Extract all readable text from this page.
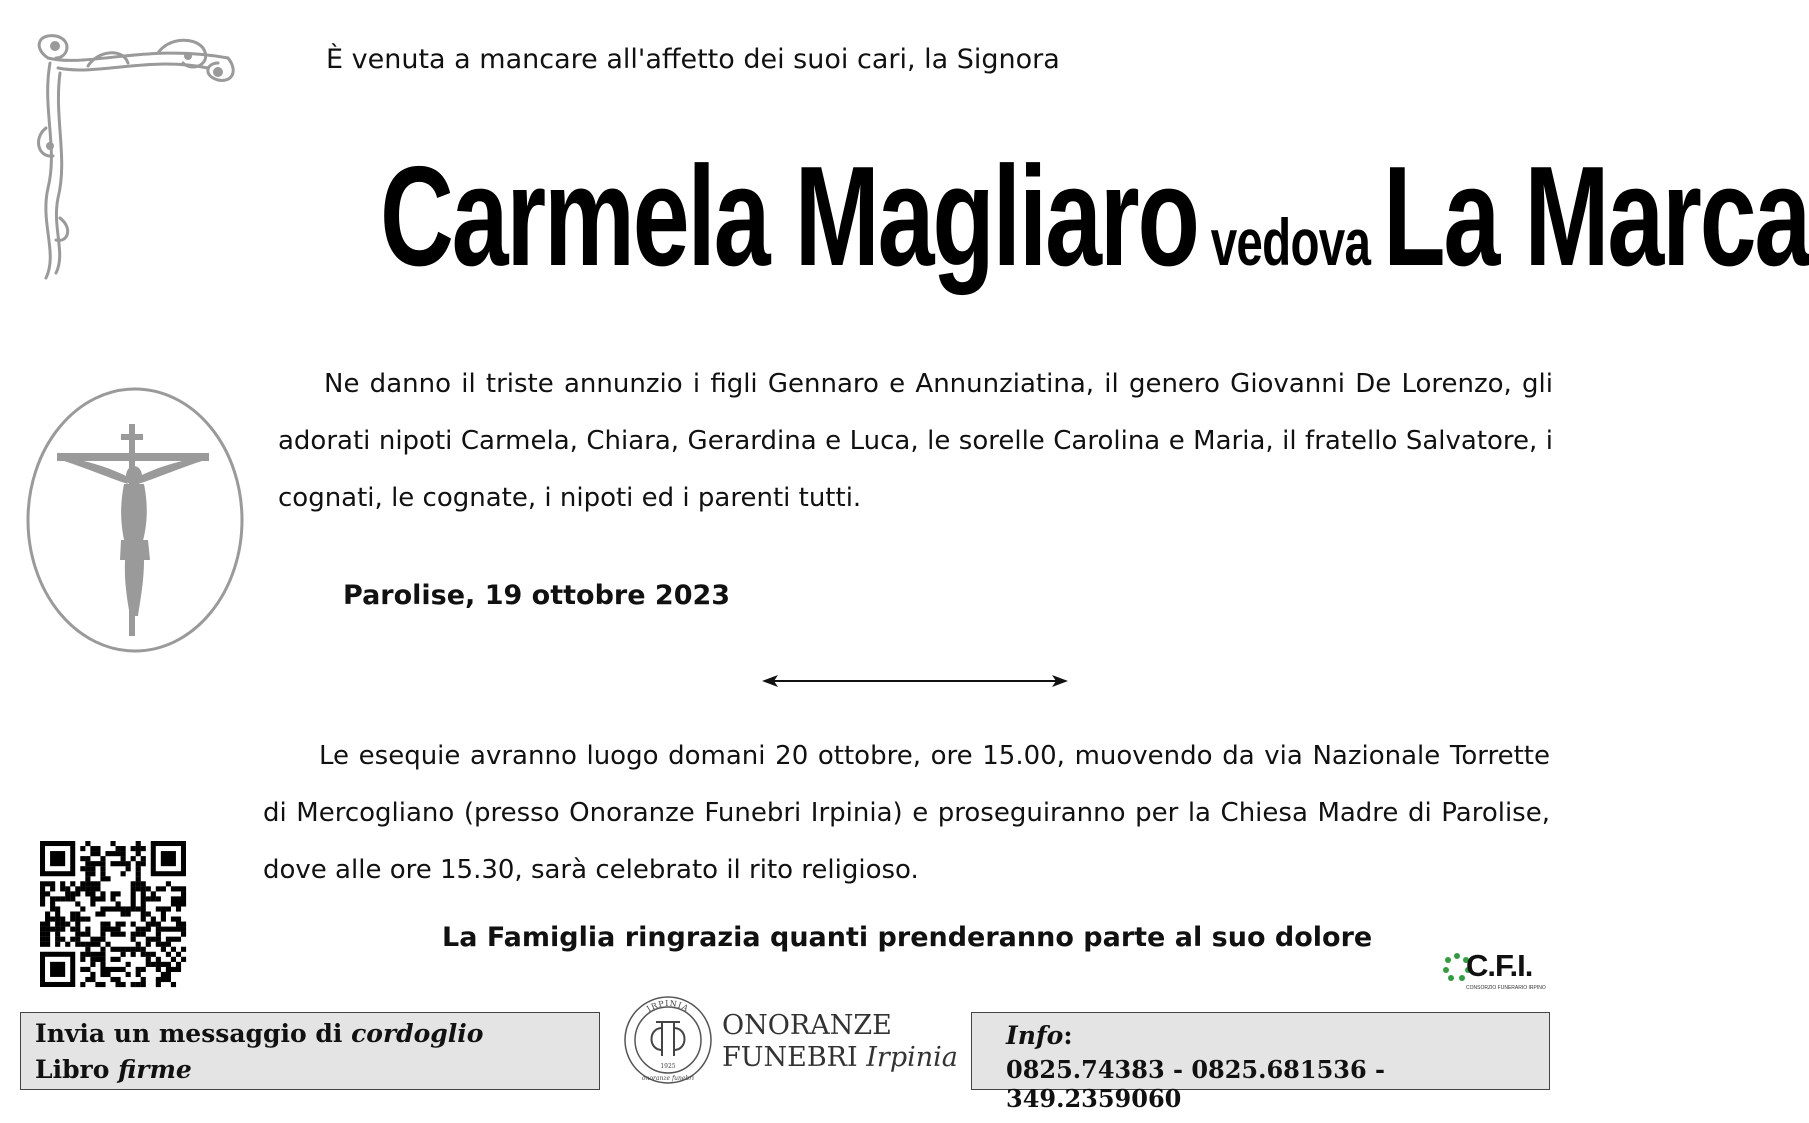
È venuta a mancare all'affetto dei suoi cari, la Signora
Carmela Magliaro vedovaLa Marca
Ne danno il triste annunzio i figli Gennaro e Annunziatina, il genero Giovanni De Lorenzo, gli adorati nipoti Carmela, Chiara, Gerardina e Luca, le sorelle Carolina e Maria, il fratello Salvatore, i cognati, le cognate, i nipoti ed i parenti tutti.
Parolise, 19 ottobre 2023
Le esequie avranno luogo domani 20 ottobre, ore 15.00, muovendo da via Nazionale Torrette di Mercogliano (presso Onoranze Funebri Irpinia) e proseguiranno per la Chiesa Madre di Parolise, dove alle ore 15.30, sarà celebrato il rito religioso.
La Famiglia ringrazia quanti prenderanno parte al suo dolore
C.F.I.
CONSORZIO FUNERARIO IRPINO
Invia un messaggio di cordoglio
Libro firme
IRPINIA
1925
onoranze funebri
ONORANZE
FUNEBRI Irpinia
Info:
0825.74383 - 0825.681536 - 349.2359060
